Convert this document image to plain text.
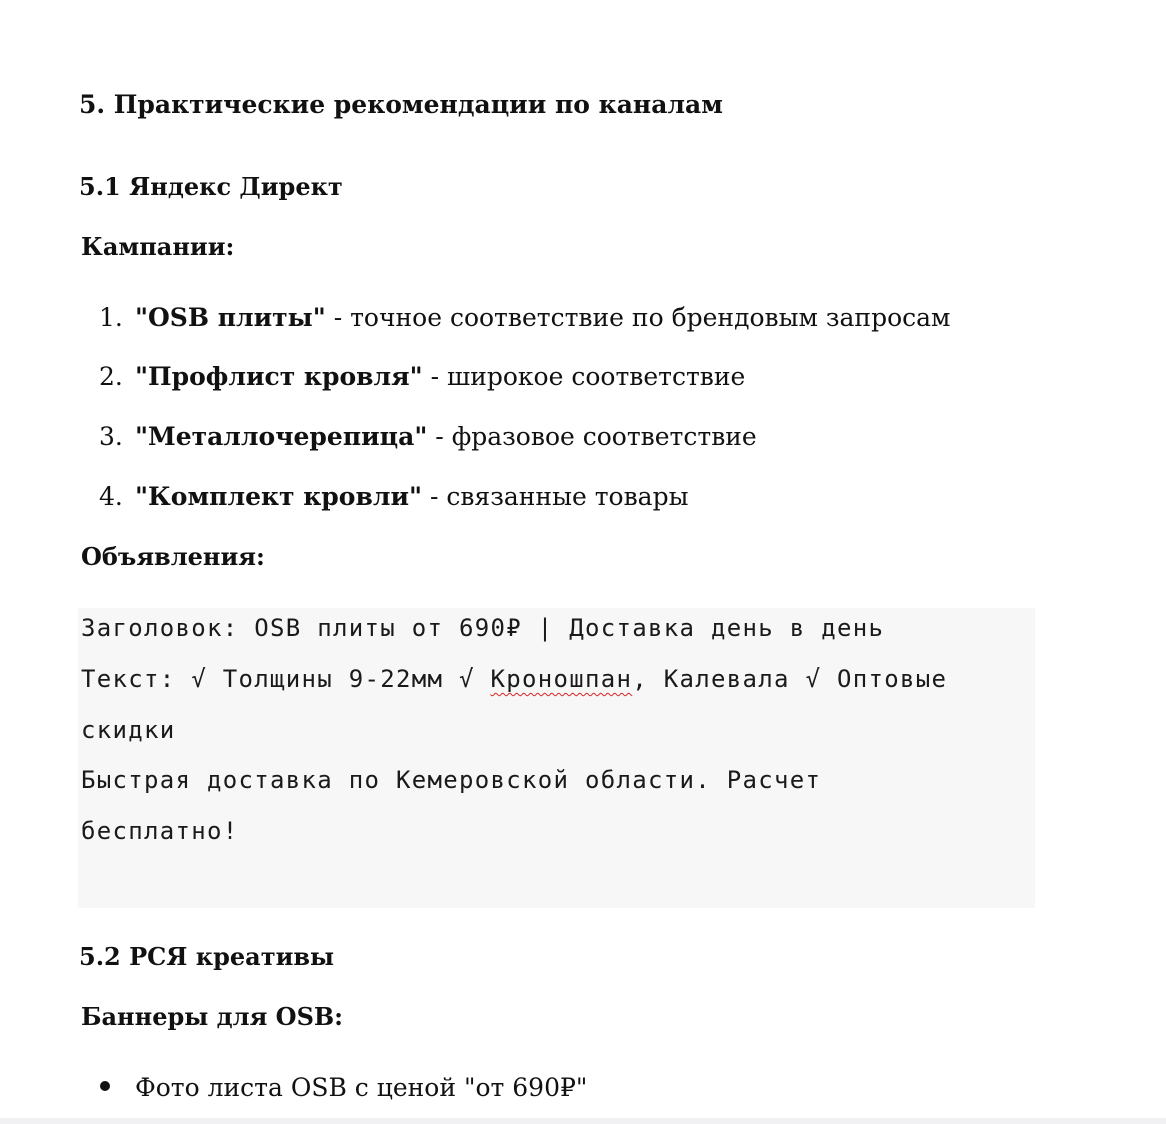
5. Практические рекомендации по каналам
5.1 Яндекс Директ
Кампании:
1. "OSB плиты" - точное соответствие по брендовым запросам
2. "Профлист кровля" - широкое соответствие
3. "Металлочерепица" - фразовое соответствие
4. "Комплект кровли" - связанные товары
Объявления:
Заголовок: OSB плиты от 690₽ | Доставка день в день
Текст: √ Толщины 9-22мм √ Кроношпан, Калевала √ Оптовые
скидки
Быстрая доставка по Кемеровской области. Расчет
бесплатно!
5.2 РСЯ креативы
Баннеры для OSB:
Фото листа OSB с ценой "от 690₽"
